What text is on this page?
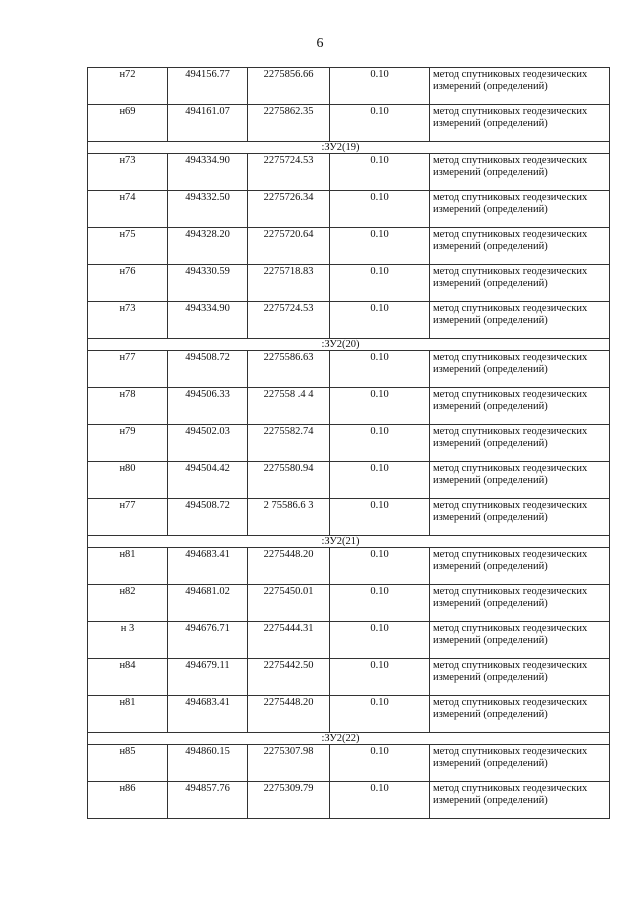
6
н72	494156.77	2275856.66	0.10	метод спутниковых геодезических измерений (определений)
н69	494161.07	2275862.35	0.10	метод спутниковых геодезических измерений (определений)
:ЗУ2(19)				
н73	494334.90	2275724.53	0.10	метод спутниковых геодезических измерений (определений)
н74	494332.50	2275726.34	0.10	метод спутниковых геодезических измерений (определений)
н75	494328.20	2275720.64	0.10	метод спутниковых геодезических измерений (определений)
н76	494330.59	2275718.83	0.10	метод спутниковых геодезических измерений (определений)
н73	494334.90	2275724.53	0.10	метод спутниковых геодезических измерений (определений)
:ЗУ2(20)				
н77	494508.72	2275586.63	0.10	метод спутниковых геодезических измерений (определений)
н78	494506.33	227558 .4 4	0.10	метод спутниковых геодезических измерений (определений)
н79	494502.03	2275582.74	0.10	метод спутниковых геодезических измерений (определений)
н80	494504.42	2275580.94	0.10	метод спутниковых геодезических измерений (определений)
н77	494508.72	2 75586.6 3	0.10	метод спутниковых геодезических измерений (определений)
:ЗУ2(21)				
н81	494683.41	2275448.20	0.10	метод спутниковых геодезических измерений (определений)
н82	494681.02	2275450.01	0.10	метод спутниковых геодезических измерений (определений)
н 3	494676.71	2275444.31	0.10	метод спутниковых геодезических измерений (определений)
н84	494679.11	2275442.50	0.10	метод спутниковых геодезических измерений (определений)
н81	494683.41	2275448.20	0.10	метод спутниковых геодезических измерений (определений)
:ЗУ2(22)				
н85	494860.15	2275307.98	0.10	метод спутниковых геодезических измерений (определений)
н86	494857.76	2275309.79	0.10	метод спутниковых геодезических измерений (определений)
